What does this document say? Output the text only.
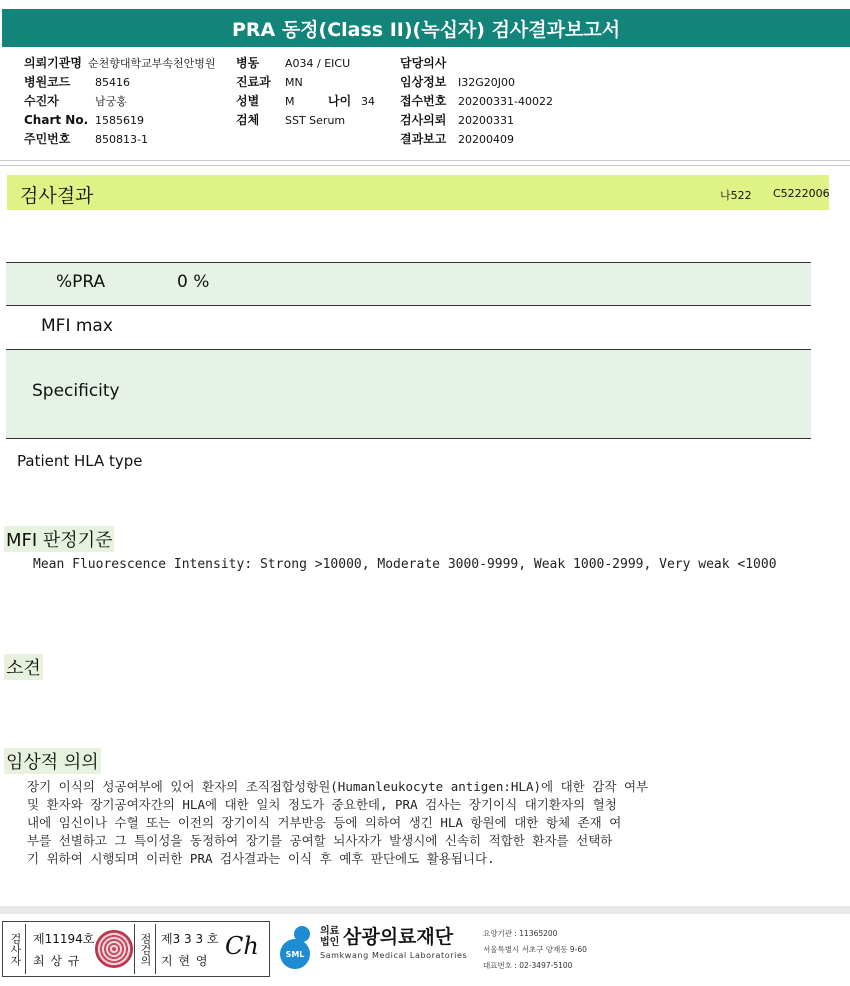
PRA 동정(Class II)(녹십자) 검사결과보고서
의뢰기관명 순천향대학교부속천안병원
병원코드 85416
수진자	남궁홍
Chart No. 1585619
주민번호 850813-1
병동 A034 / EICU
진료과 MN
성별 M	나이 34
검체 SST Serum
담당의사
임상정보 I32G20J00
접수번호 20200331-40022
검사의뢰 20200331
결과보고 20200409
검사결과	나522 C5222006
%PRA	0 %
MFI max
Specificity
Patient HLA type
MFI 판정기준
Mean Fluorescence Intensity: Strong >10000, Moderate 3000-9999, Weak 1000-2999, Very weak <1000
소견
임상적 의의
장기 이식의 성공여부에 있어 환자의 조직접합성항원(Humanleukocyte antigen:HLA)에 대한 감작 여부
및 환자와 장기공여자간의 HLA에 대한 일치 정도가 중요한데, PRA 검사는 장기이식 대기환자의 혈청
내에 임신이나 수혈 또는 이전의 장기이식 거부반응 등에 의하여 생긴 HLA 항원에 대한 항체 존재 여
부를 선별하고 그 특이성을 동정하여 장기를 공여할 뇌사자가 발생시에 신속히 적합한 환자를 선택하
기 위하여 시행되며 이러한 PRA 검사결과는 이식 후 예후 판단에도 활용됩니다.
검사자 제11194호
최 상 규	점검의 제3 3 3 호
지 현 영
Ch	SML
의료
법인 삼광의료재단
Samkwang Medical Laboratories
요양기관 : 11365200
서울특별시 서초구 양재동 9-60
대표번호 : 02-3497-5100
